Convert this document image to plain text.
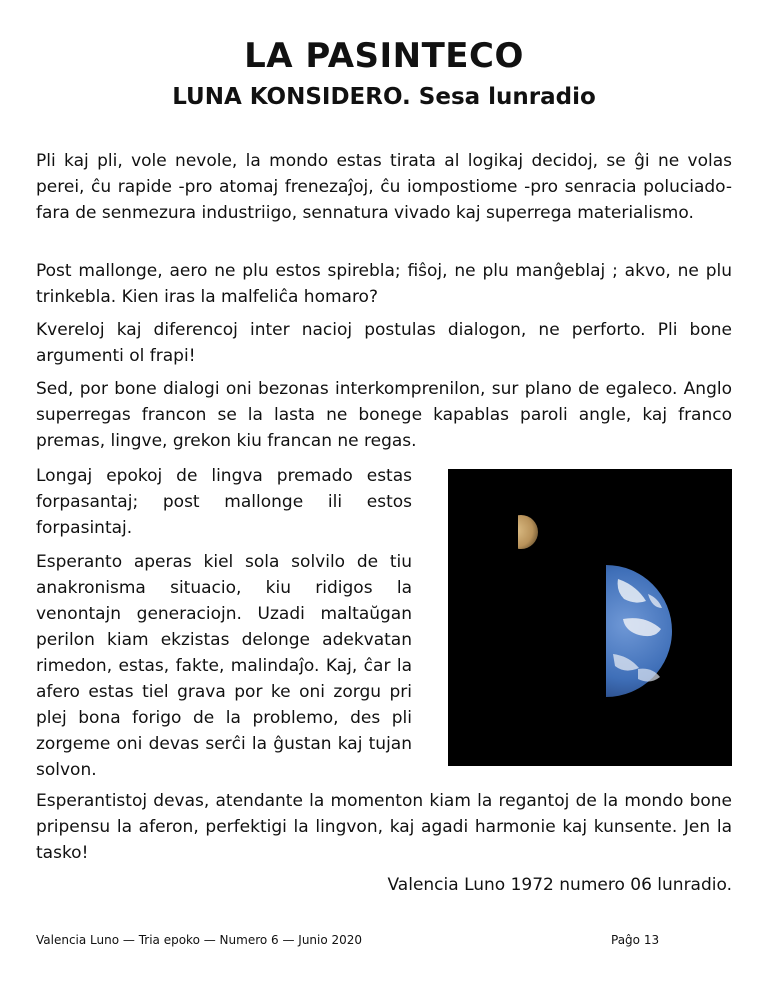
LA PASINTECO
LUNA KONSIDERO. Sesa lunradio

Pli kaj pli, vole nevole, la mondo estas tirata al logikaj decidoj, se ĝi ne volas perei, ĉu rapide -pro atomaj frenezaĵoj, ĉu iompostiome -pro senracia poluciado- fara de senmezura industriigo, sennatura vivado kaj superrega materialismo.

Post mallonge, aero ne plu estos spirebla; fiŝoj, ne plu manĝeblaj ; akvo, ne plu trinkebla. Kien iras la malfeliĉa homaro?

Kvereloj kaj diferencoj inter nacioj postulas dialogon, ne perforto. Pli bone argumenti ol frapi!

Sed, por bone dialogi oni bezonas interkomprenilon, sur plano de egaleco. Anglo superregas francon se la lasta ne bonege kapablas paroli angle, kaj franco premas, lingve, grekon kiu francan ne regas.

Longaj epokoj de lingva premado estas forpasantaj; post mallonge ili estos forpasintaj.

Esperanto aperas kiel sola solvilo de tiu anakronisma situacio, kiu ridigos la venontajn generaciojn. Uzadi maltaŭgan perilon kiam ekzistas delonge adekvatan rimedon, estas, fakte, malindaĵo. Kaj, ĉar la afero estas tiel grava por ke oni zorgu pri plej bona forigo de la problemo, des pli zorgeme oni devas serĉi la ĝustan kaj tujan solvon.

Esperantistoj devas, atendante la momenton kiam la regantoj de la mondo bone pripensu la aferon, perfektigi la lingvon, kaj agadi harmonie kaj kunsente. Jen la tasko!

Valencia Luno 1972 numero 06 lunradio.

Valencia Luno — Tria epoko — Numero 6 — Junio 2020	Paĝo 13
